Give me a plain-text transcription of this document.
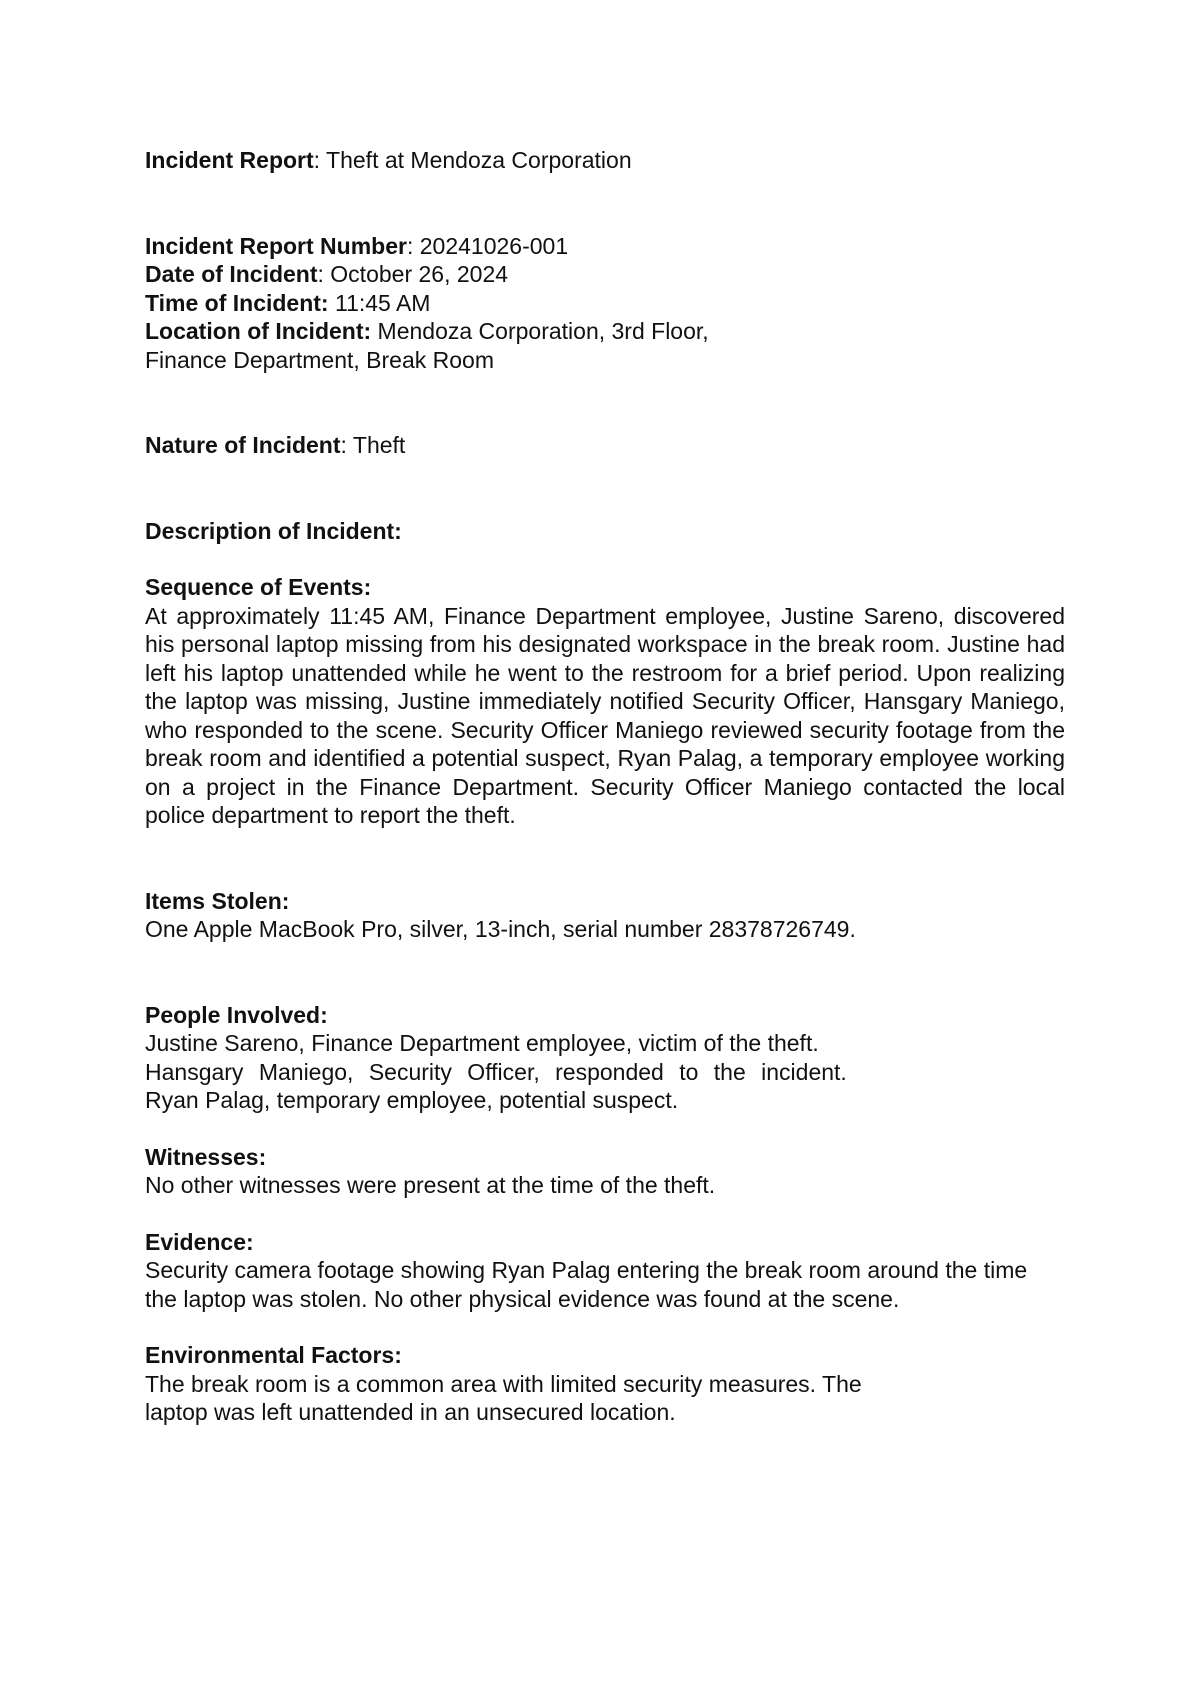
Incident Report: Theft at Mendoza Corporation

Incident Report Number: 20241026-001

Date of Incident: October 26, 2024

Time of Incident: 11:45 AM

Location of Incident: Mendoza Corporation, 3rd Floor,

Finance Department, Break Room

Nature of Incident: Theft

Description of Incident:

Sequence of Events:

At approximately 11:45 AM, Finance Department employee, Justine Sareno, discovered his personal laptop missing from his designated workspace in the break room. Justine had left his laptop unattended while he went to the restroom for a brief period. Upon realizing the laptop was missing, Justine immediately notified Security Officer, Hansgary Maniego, who responded to the scene. Security Officer Maniego reviewed security footage from the break room and identified a potential suspect, Ryan Palag, a temporary employee working on a project in the Finance Department. Security Officer Maniego contacted the local police department to report the theft.

Items Stolen:

One Apple MacBook Pro, silver, 13-inch, serial number 28378726749.

People Involved:

Justine Sareno, Finance Department employee, victim of the theft.

Hansgary Maniego, Security Officer, responded to the incident.

Ryan Palag, temporary employee, potential suspect.

Witnesses:

No other witnesses were present at the time of the theft.

Evidence:

Security camera footage showing Ryan Palag entering the break room around the time the laptop was stolen. No other physical evidence was found at the scene.

Environmental Factors:

The break room is a common area with limited security measures. The

laptop was left unattended in an unsecured location.
